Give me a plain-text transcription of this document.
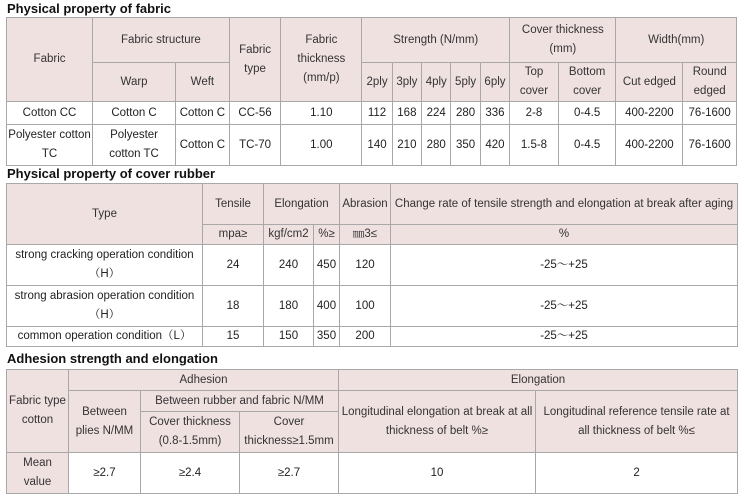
Physical property of fabric
Fabric	Fabric structure		Fabric type	Fabric thickness (mm/p)	Strength (N/mm)					Cover thickness (mm)		Width(mm)	
	Warp	Weft			2ply	3ply	4ply	5ply	6ply	Top cover	Bottom cover	Cut edged	Round edged
Cotton CC	Cotton C	Cotton C	CC-56	1.10	112	168	224	280	336	2-8	0-4.5	400-2200	76-1600
Polyester cotton TC	Polyester cotton TC	Cotton C	TC-70	1.00	140	210	280	350	420	1.5-8	0-4.5	400-2200	76-1600
Physical property of cover rubber
Type	Tensile	Elongation		Abrasion	Change rate of tensile strength and elongation at break after aging
	mpa≥	kgf/cm2	%≥	㎜3≤	%
strong cracking operation condition（H）	24	240	450	120	-25～+25
strong abrasion operation condition（H）	18	180	400	100	-25～+25
common operation condition（L）	15	150	350	200	-25～+25
Adhesion strength and elongation
Fabric type cotton	Adhesion			Elongation	
	Between plies N/MM	Between rubber and fabric N/MM		Longitudinal elongation at break at all thickness of belt %≥	Longitudinal reference tensile rate at all thickness of belt %≤
		Cover thickness (0.8-1.5mm)	Cover thickness≥1.5mm		
Mean value	≥2.7	≥2.4	≥2.7	10	2
